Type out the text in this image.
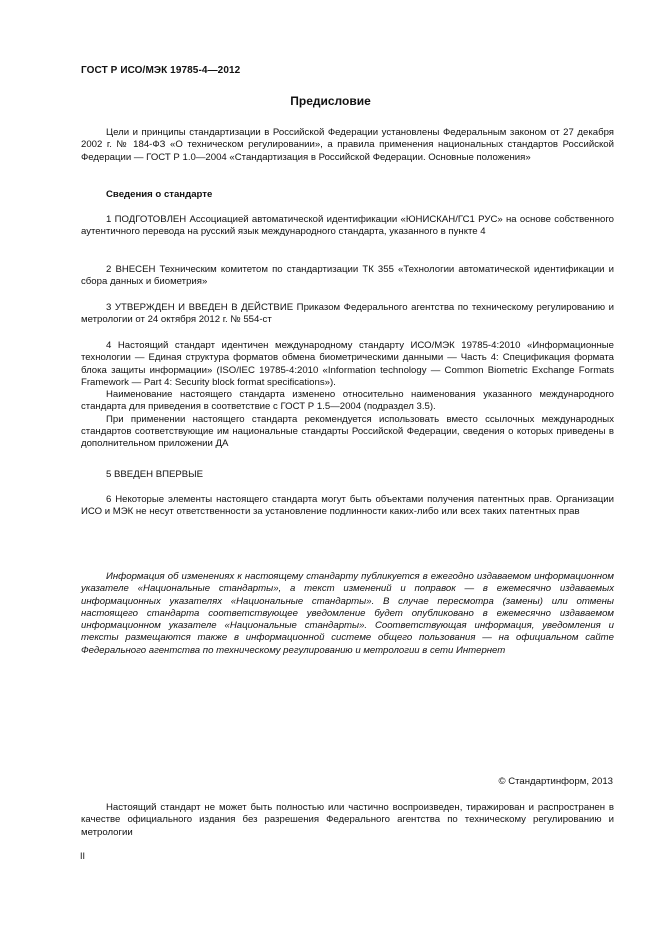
ГОСТ Р ИСО/МЭК 19785-4—2012
Предисловие

Цели и принципы стандартизации в Российской Федерации установлены Федеральным законом от 27 декабря 2002 г. № 184-ФЗ «О техническом регулировании», а правила применения национальных стандартов Российской Федерации — ГОСТ Р 1.0—2004 «Стандартизация в Российской Федерации. Основные положения»

Сведения о стандарте

1 ПОДГОТОВЛЕН Ассоциацией автоматической идентификации «ЮНИСКАН/ГС1 РУС» на основе собственного аутентичного перевода на русский язык международного стандарта, указанного в пункте 4

2 ВНЕСЕН Техническим комитетом по стандартизации ТК 355 «Технологии автоматической идентификации и сбора данных и биометрия»

3 УТВЕРЖДЕН И ВВЕДЕН В ДЕЙСТВИЕ Приказом Федерального агентства по техническому регулированию и метрологии от 24 октября 2012 г. № 554-ст

4 Настоящий стандарт идентичен международному стандарту ИСО/МЭК 19785-4:2010 «Информационные технологии — Единая структура форматов обмена биометрическими данными — Часть 4: Спецификация формата блока защиты информации» (ISO/IEC 19785-4:2010 «Information technology — Common Biometric Exchange Formats Framework — Part 4: Security block format specifications»).

Наименование настоящего стандарта изменено относительно наименования указанного международного стандарта для приведения в соответствие с ГОСТ Р 1.5—2004 (подраздел 3.5).

При применении настоящего стандарта рекомендуется использовать вместо ссылочных международных стандартов соответствующие им национальные стандарты Российской Федерации, сведения о которых приведены в дополнительном приложении ДА

5 ВВЕДЕН ВПЕРВЫЕ

6 Некоторые элементы настоящего стандарта могут быть объектами получения патентных прав. Организации ИСО и МЭК не несут ответственности за установление подлинности каких-либо или всех таких патентных прав

Информация об изменениях к настоящему стандарту публикуется в ежегодно издаваемом информационном указателе «Национальные стандарты», а текст изменений и поправок — в ежемесячно издаваемых информационных указателях «Национальные стандарты». В случае пересмотра (замены) или отмены настоящего стандарта соответствующее уведомление будет опубликовано в ежемесячно издаваемом информационном указателе «Национальные стандарты». Соответствующая информация, уведомления и тексты размещаются также в информационной системе общего пользования — на официальном сайте Федерального агентства по техническому регулированию и метрологии в сети Интернет

© Стандартинформ, 2013

Настоящий стандарт не может быть полностью или частично воспроизведен, тиражирован и распространен в качестве официального издания без разрешения Федерального агентства по техническому регулированию и метрологии

II
